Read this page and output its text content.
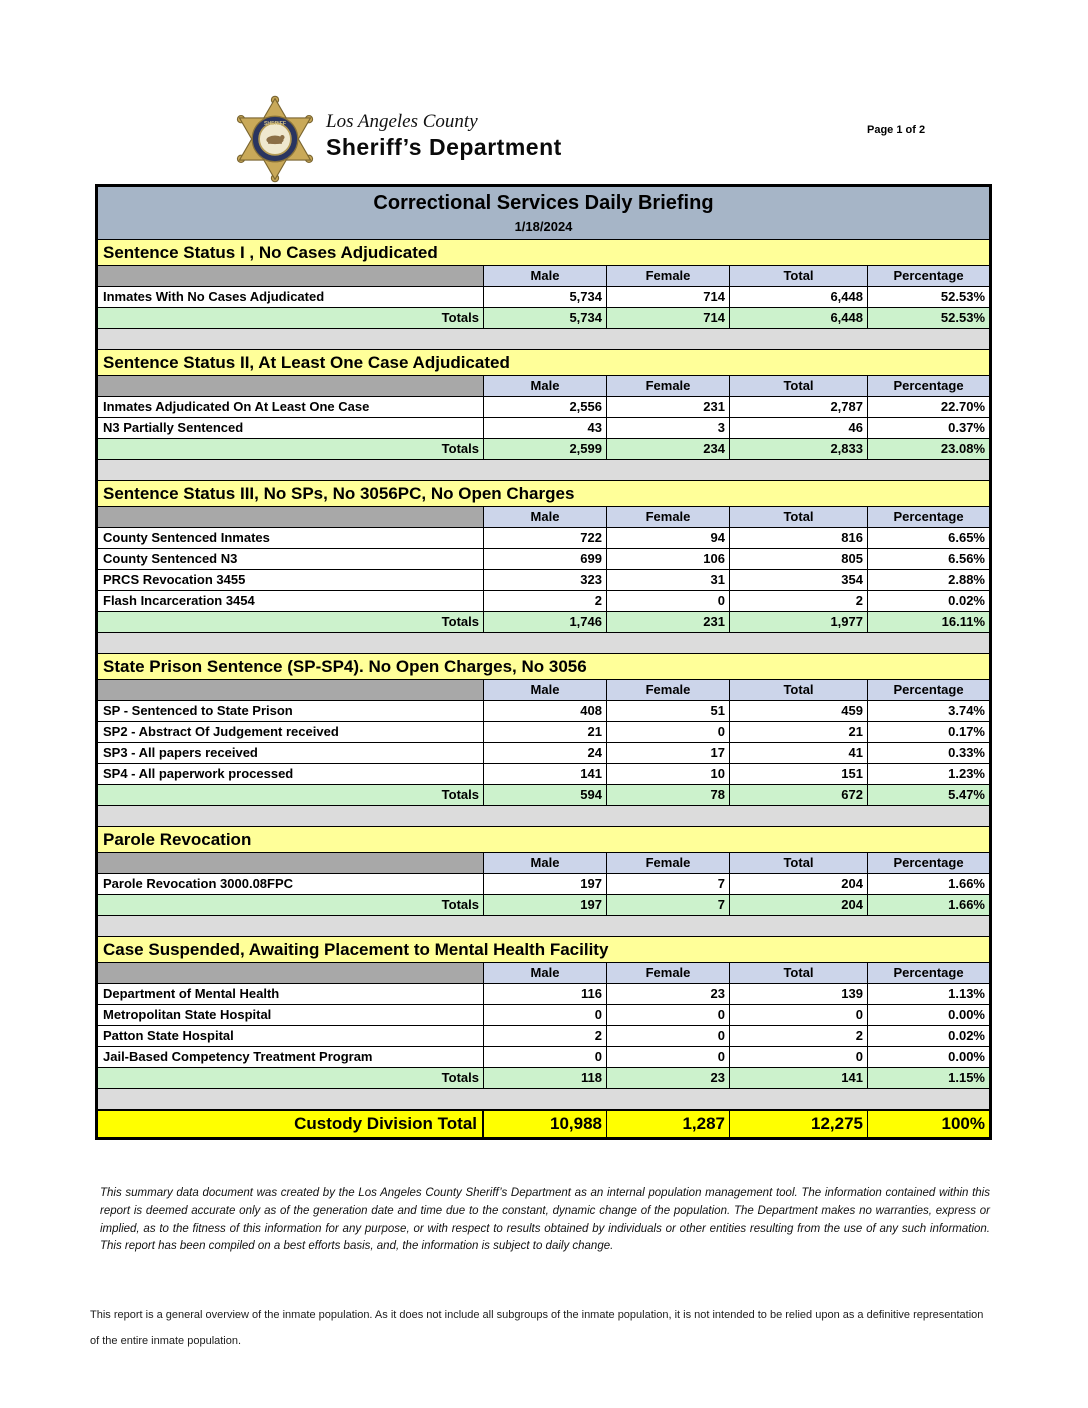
SHERIFF Los Angeles County
Sheriff’s Department
Page 1 of 2
Correctional Services Daily Briefing
1/18/2024
Sentence Status I , No Cases Adjudicated
Male	Female	Total	Percentage
Inmates With No Cases Adjudicated	5,734	714	6,448	52.53%
Totals	5,734	714	6,448	52.53%
Sentence Status II, At Least One Case Adjudicated
Male	Female	Total	Percentage
Inmates Adjudicated On At Least One Case	2,556	231	2,787	22.70%
N3 Partially Sentenced	43	3	46	0.37%
Totals	2,599	234	2,833	23.08%
Sentence Status III, No SPs, No 3056PC, No Open Charges
Male	Female	Total	Percentage
County Sentenced Inmates	722	94	816	6.65%
County Sentenced N3	699	106	805	6.56%
PRCS Revocation 3455	323	31	354	2.88%
Flash Incarceration 3454	2	0	2	0.02%
Totals	1,746	231	1,977	16.11%
State Prison Sentence (SP-SP4). No Open Charges, No 3056
Male	Female	Total	Percentage
SP - Sentenced to State Prison	408	51	459	3.74%
SP2 - Abstract Of Judgement received	21	0	21	0.17%
SP3 - All papers received	24	17	41	0.33%
SP4 - All paperwork processed	141	10	151	1.23%
Totals	594	78	672	5.47%
Parole Revocation
Male	Female	Total	Percentage
Parole Revocation 3000.08FPC	197	7	204	1.66%
Totals	197	7	204	1.66%
Case Suspended, Awaiting Placement to Mental Health Facility
Male	Female	Total	Percentage
Department of Mental Health	116	23	139	1.13%
Metropolitan State Hospital	0	0	0	0.00%
Patton State Hospital	2	0	2	0.02%
Jail-Based Competency Treatment Program	0	0	0	0.00%
Totals	118	23	141	1.15%
Custody Division Total	10,988	1,287	12,275	100%

This summary data document was created by the Los Angeles County Sheriff’s Department as an internal population management tool. The information contained within this report is deemed accurate only as of the generation date and time due to the constant, dynamic change of the population. The Department makes no warranties, express or implied, as to the fitness of this information for any purpose, or with respect to results obtained by individuals or other entities resulting from the use of any such information. This report has been compiled on a best efforts basis, and, the information is subject to daily change.

This report is a general overview of the inmate population. As it does not include all subgroups of the inmate population, it is not intended to be relied upon as a definitive representation of the entire inmate population.
